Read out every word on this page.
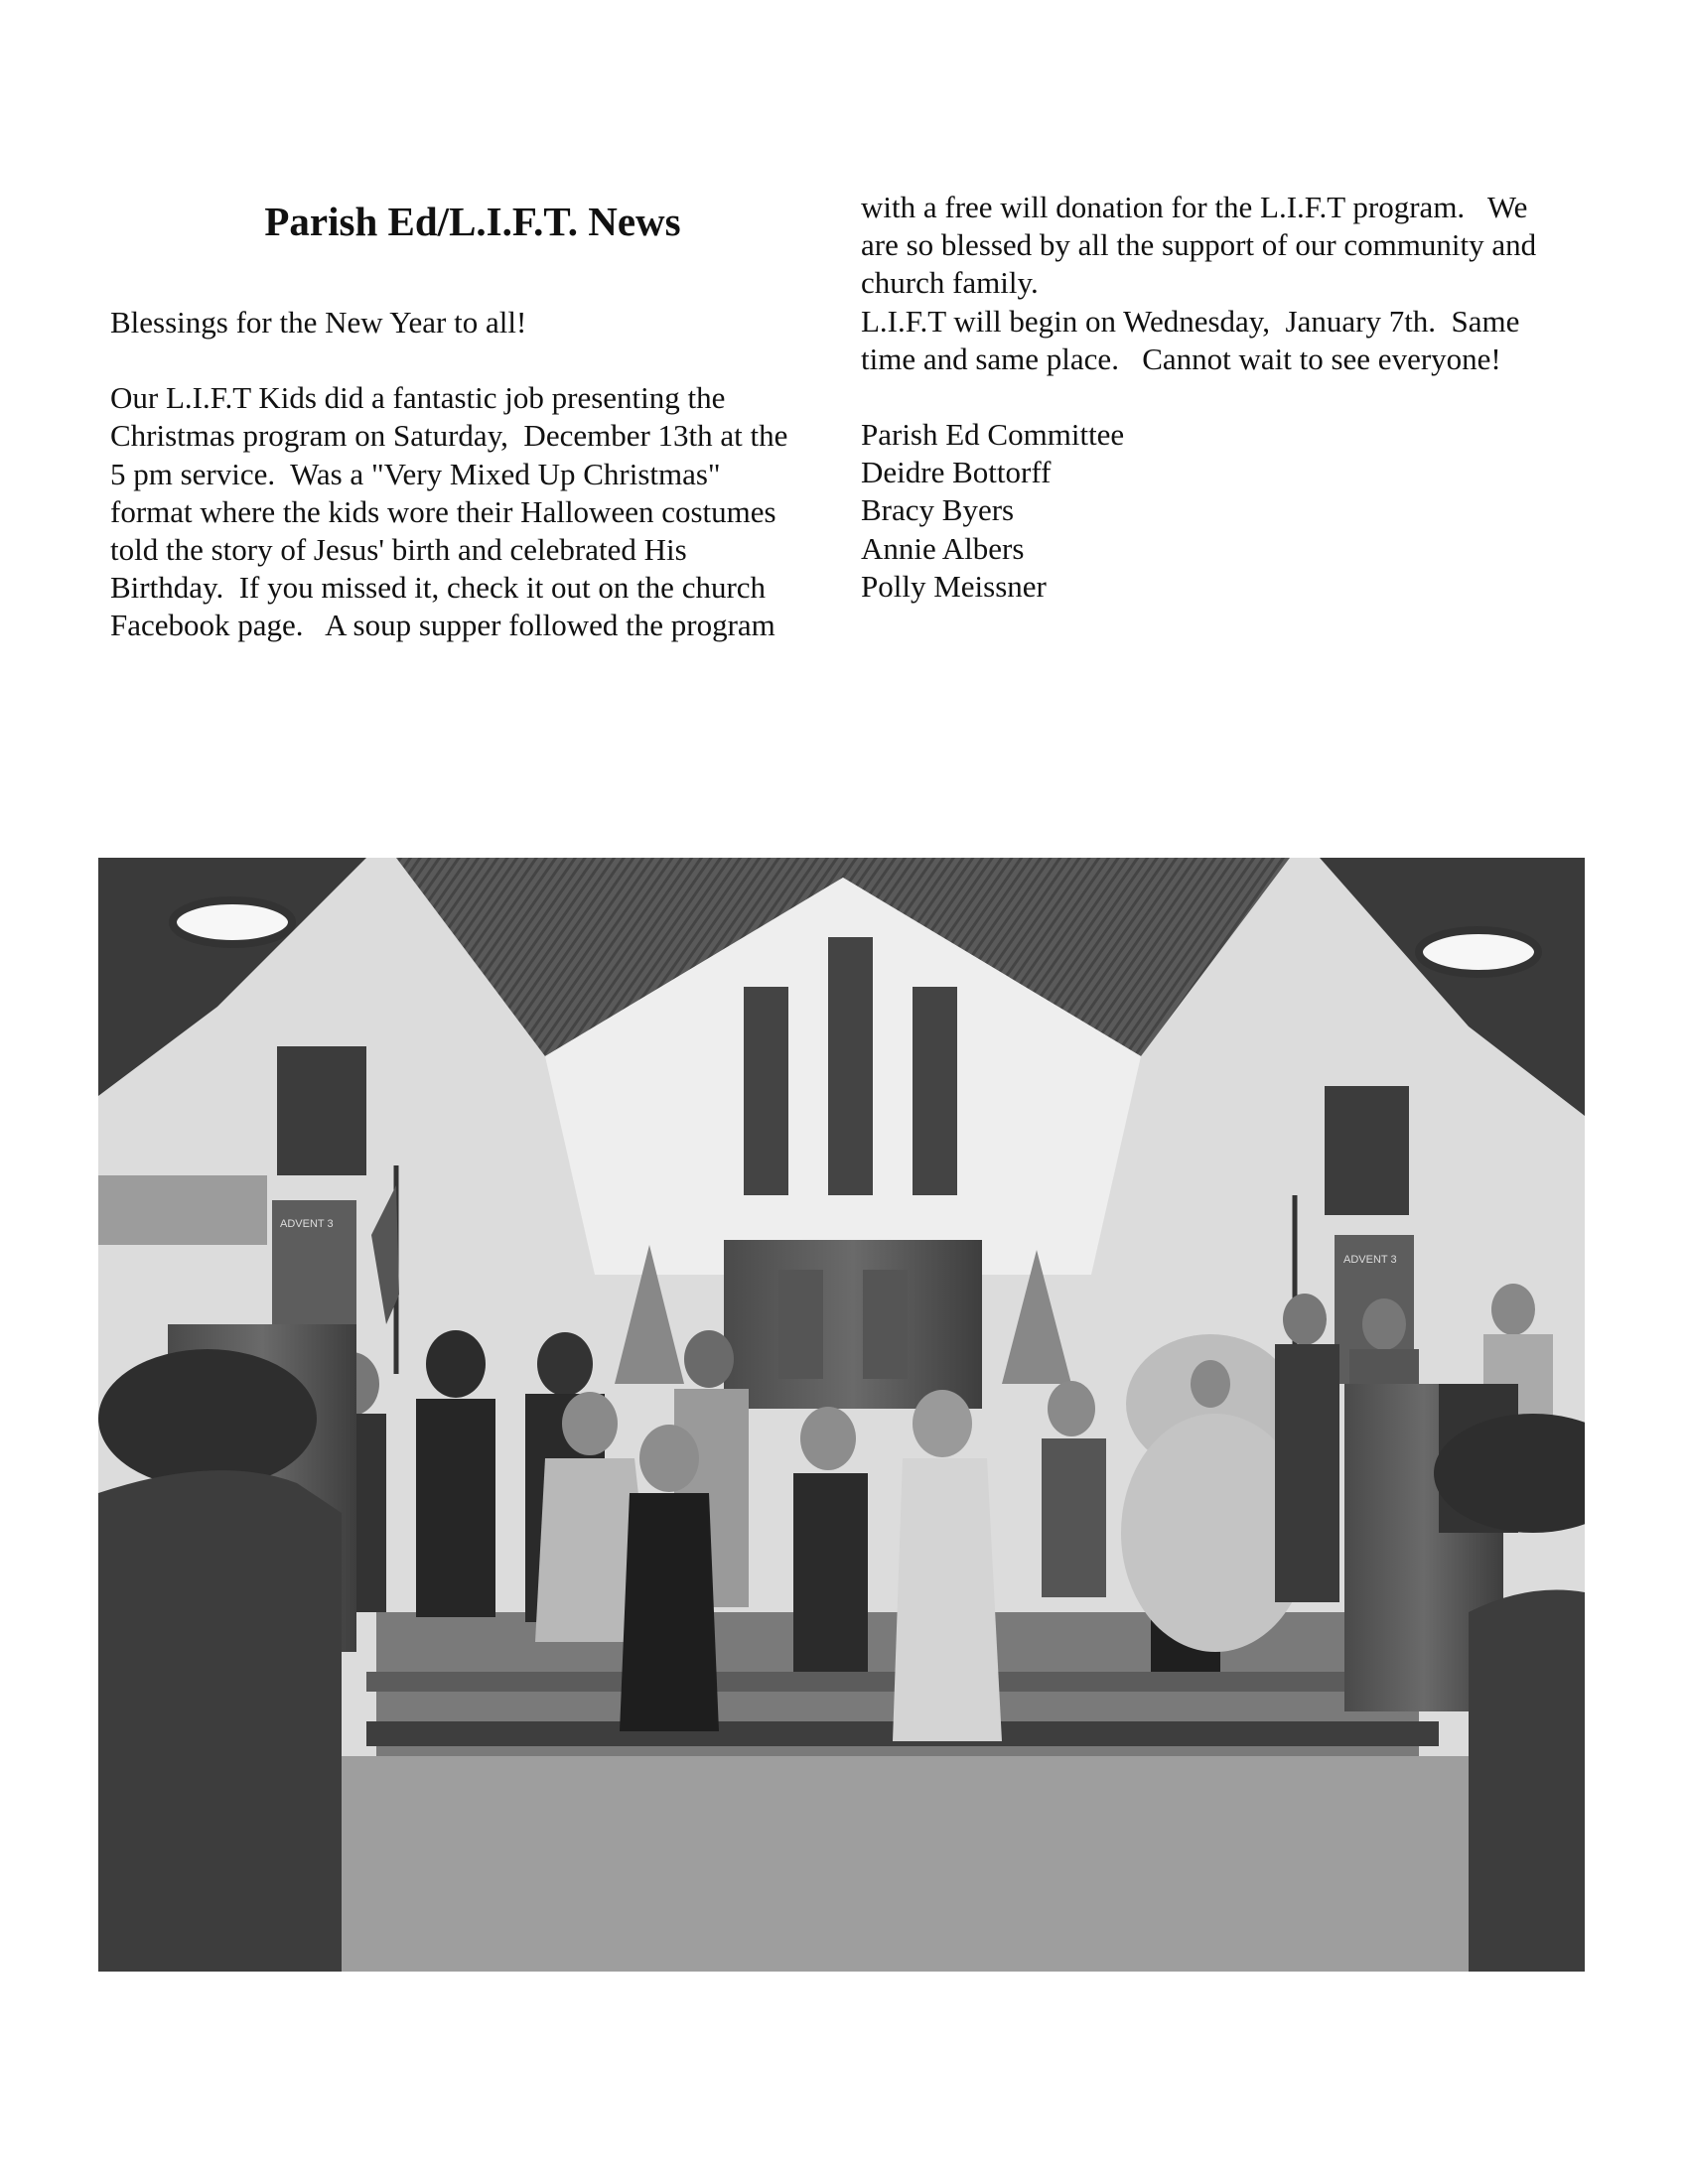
Parish Ed/L.I.F.T. News

Blessings for the New Year to all!

Our L.I.F.T Kids did a fantastic job presenting the

Christmas program on Saturday,  December 13th at the

5 pm service.  Was a "Very Mixed Up Christmas"

format where the kids wore their Halloween costumes

told the story of Jesus' birth and celebrated His

Birthday.  If you missed it, check it out on the church

Facebook page.   A soup supper followed the program

with a free will donation for the L.I.F.T program.   We

are so blessed by all the support of our community and

church family.

L.I.F.T will begin on Wednesday,  January 7th.  Same

time and same place.   Cannot wait to see everyone!

Parish Ed Committee

Deidre Bottorff

Bracy Byers

Annie Albers

Polly Meissner

ADVENT 3
ADVENT 3
